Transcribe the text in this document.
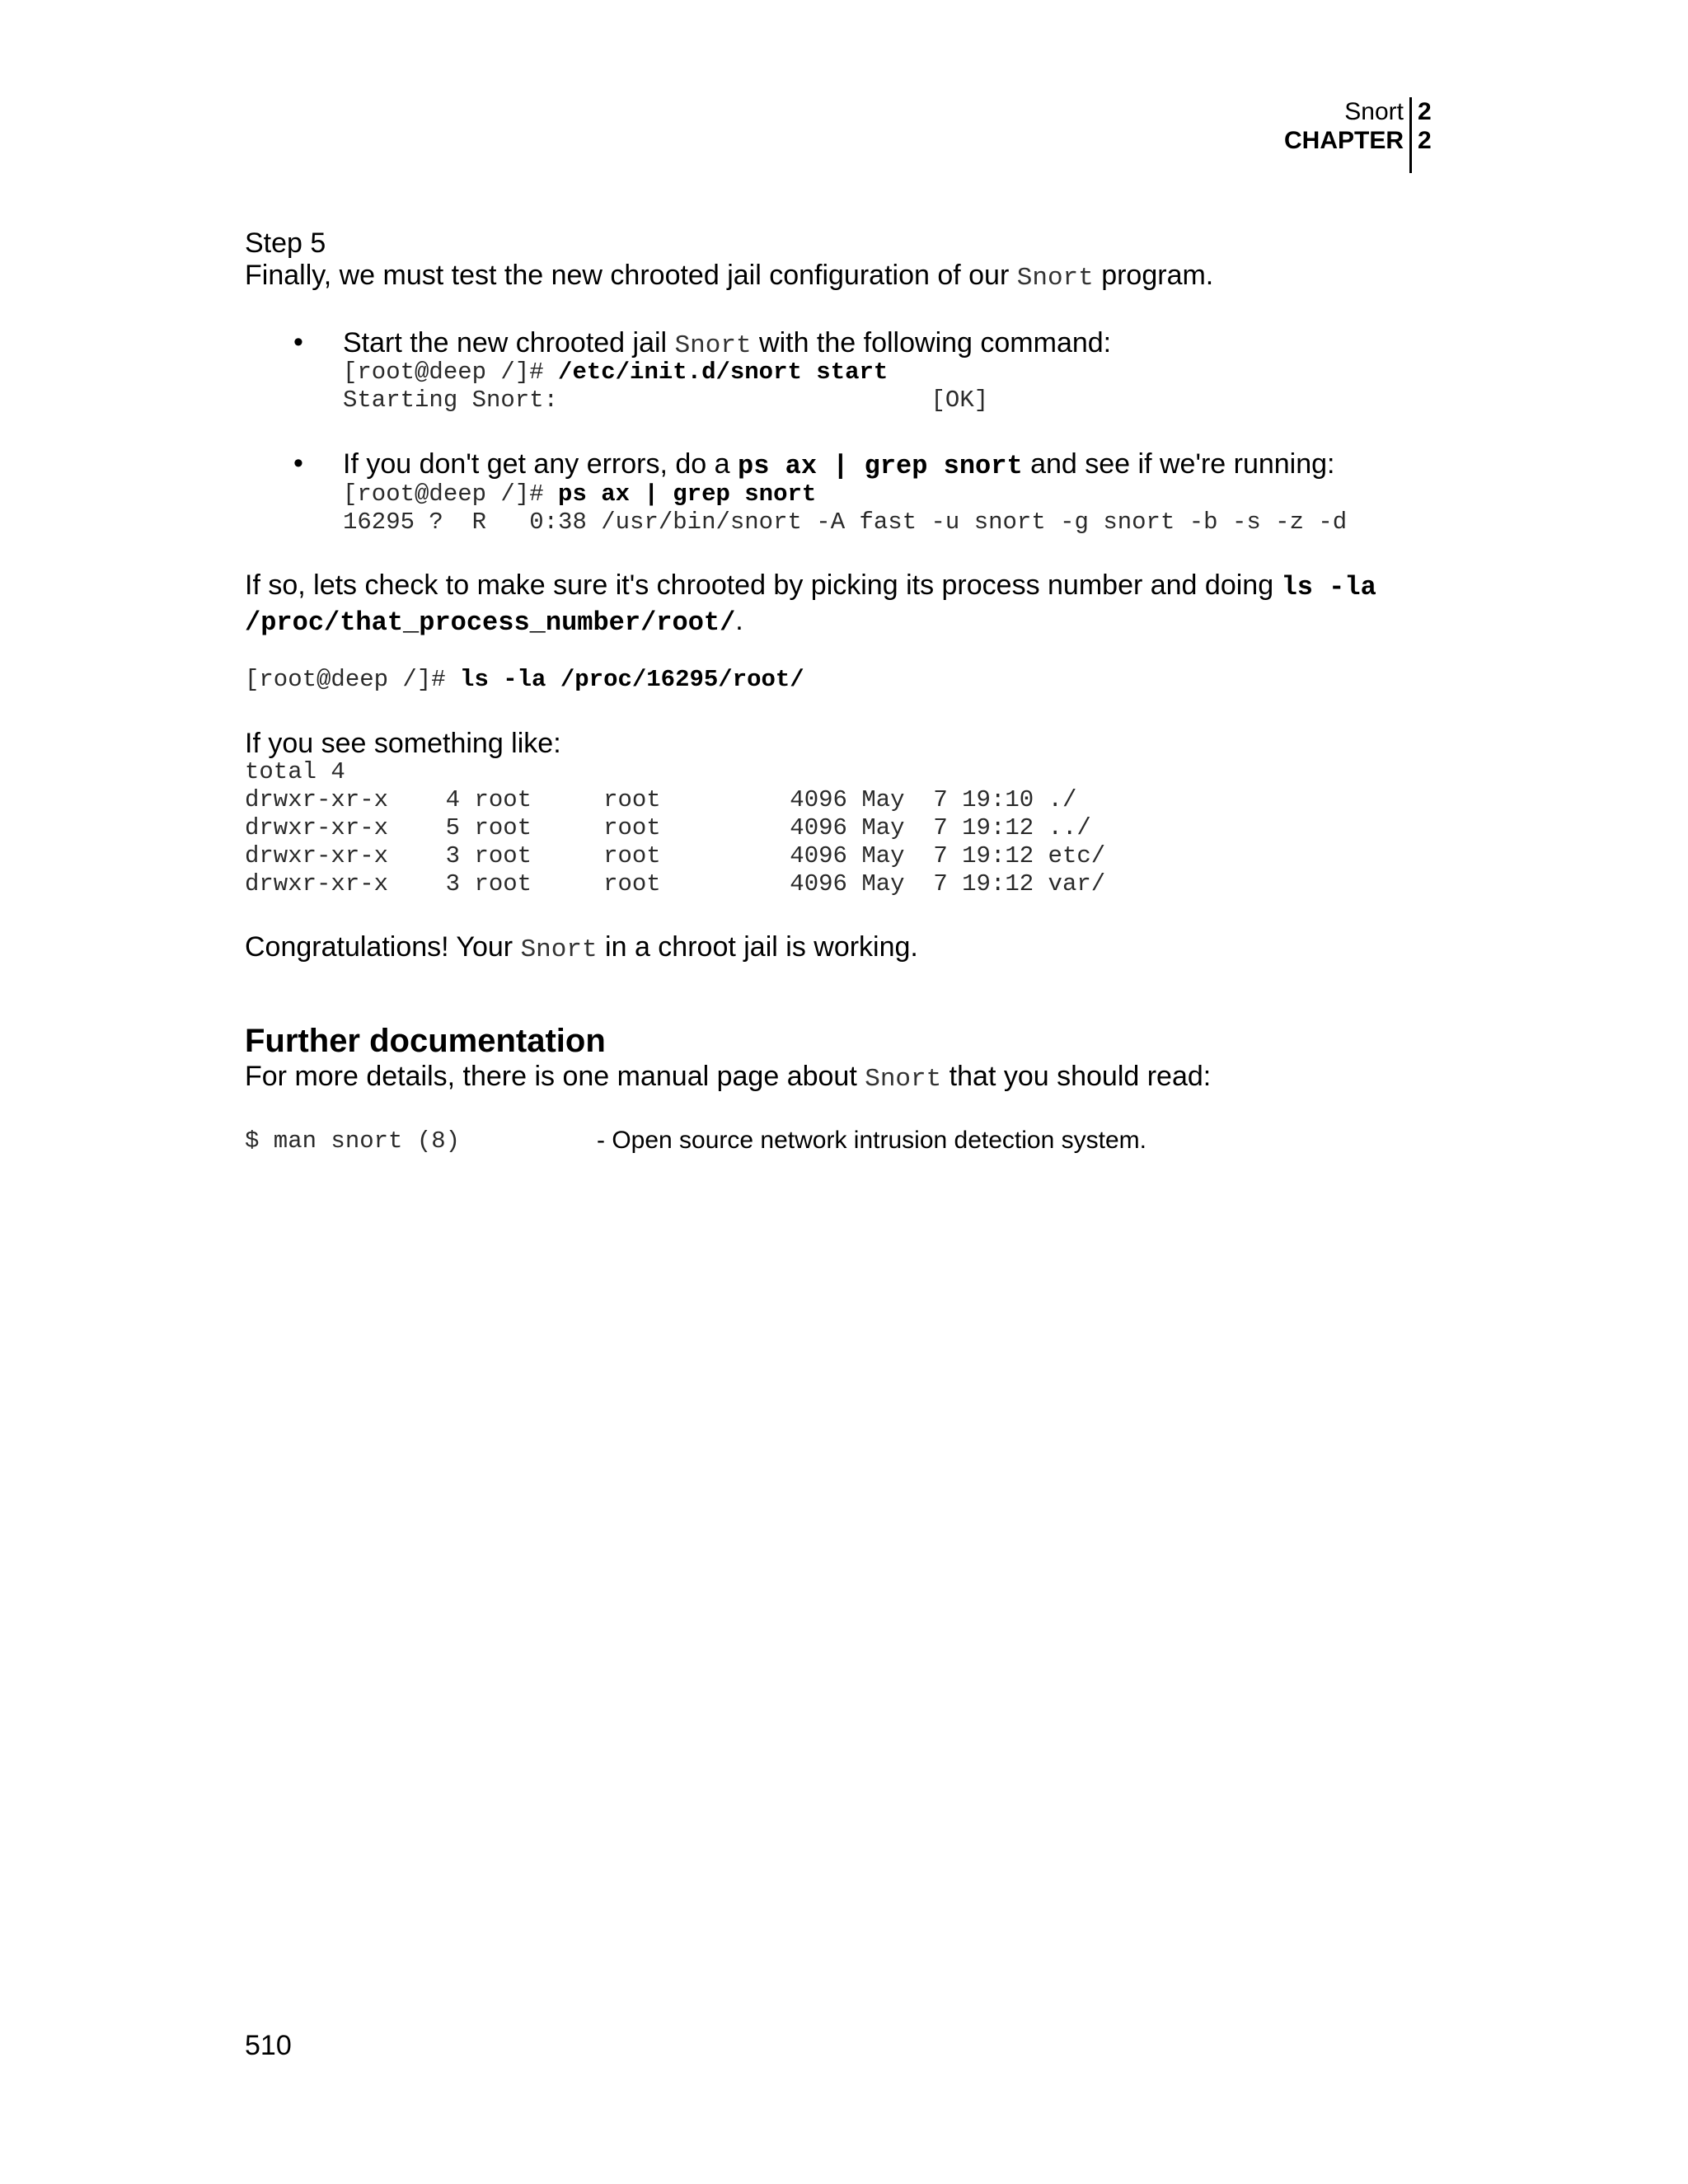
Snort
CHAPTER
2
2
Step 5
Finally, we must test the new chrooted jail configuration of our Snort program.
• Start the new chrooted jail Snort with the following command:
[root@deep /]# /etc/init.d/snort start
Starting Snort:                          [OK]
• If you don't get any errors, do a ps ax | grep snort and see if we're running:
[root@deep /]# ps ax | grep snort
16295 ?  R   0:38 /usr/bin/snort -A fast -u snort -g snort -b -s -z -d
If so, lets check to make sure it's chrooted by picking its process number and doing ls -la
/proc/that_process_number/root/.
[root@deep /]# ls -la /proc/16295/root/
If you see something like:
total 4
drwxr-xr-x    4 root     root         4096 May  7 19:10 ./
drwxr-xr-x    5 root     root         4096 May  7 19:12 ../
drwxr-xr-x    3 root     root         4096 May  7 19:12 etc/
drwxr-xr-x    3 root     root         4096 May  7 19:12 var/
Congratulations! Your Snort in a chroot jail is working.
Further documentation
For more details, there is one manual page about Snort that you should read:
$ man snort (8)	- Open source network intrusion detection system.
510
